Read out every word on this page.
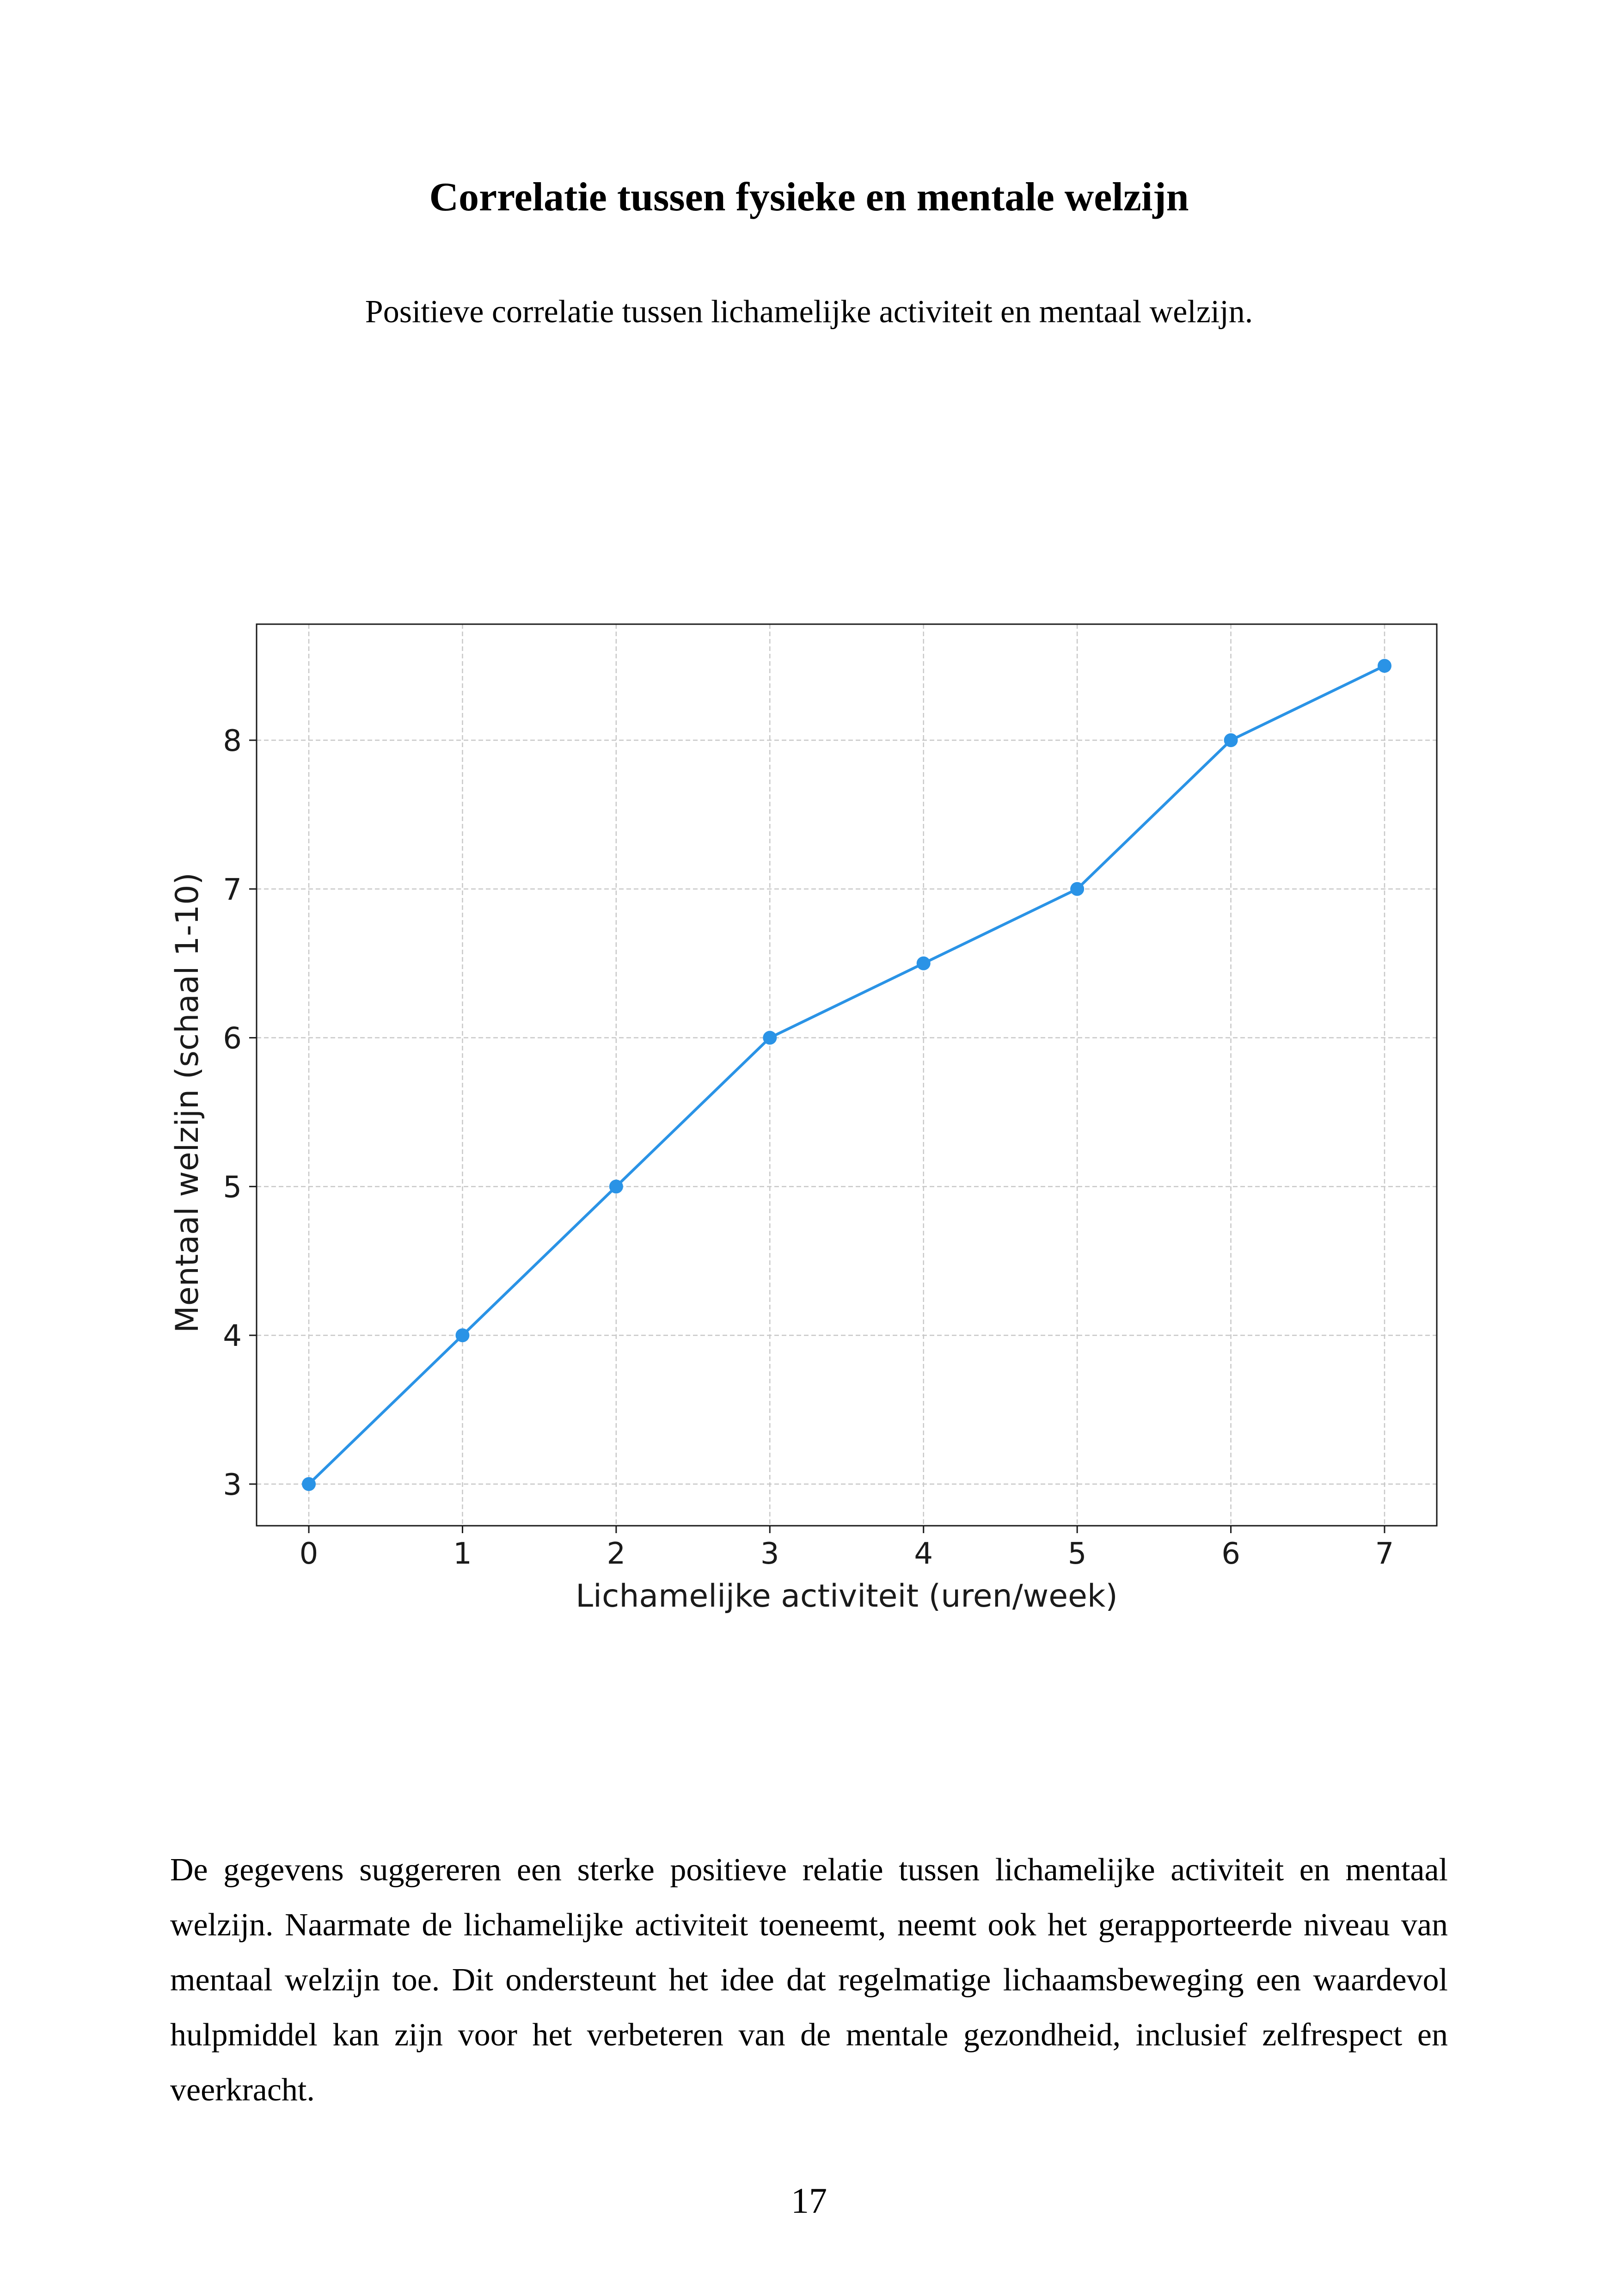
Correlatie tussen fysieke en mentale welzijn
Positieve correlatie tussen lichamelijke activiteit en mentaal welzijn.
0	1	2	3	4	5	6	7
3
4
5
6
7
8
Lichamelijke activiteit (uren/week)
Mentaal welzijn (schaal 1-10)
De gegevens suggereren een sterke positieve relatie tussen lichamelijke activiteit en mentaal welzijn. Naarmate de lichamelijke activiteit toeneemt, neemt ook het gerapporteerde niveau van mentaal welzijn toe. Dit ondersteunt het idee dat regelmatige lichaamsbeweging een waardevol hulpmiddel kan zijn voor het verbeteren van de mentale gezondheid, inclusief zelfrespect en veerkracht.
17
